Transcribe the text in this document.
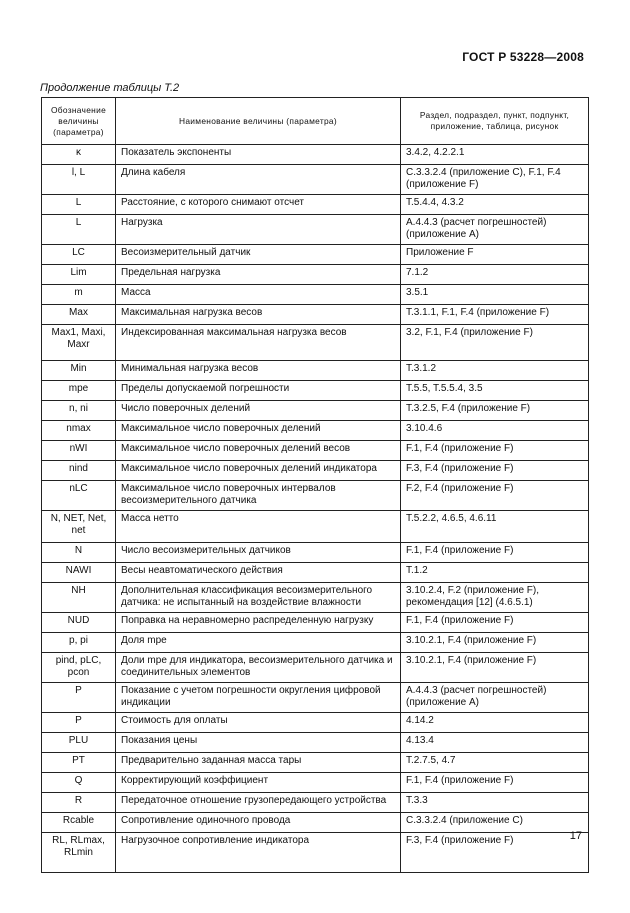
ГОСТ Р 53228—2008
Продолжение таблицы Т.2
Обозначение величины (параметра)	Наименование величины (параметра)	Раздел, подраздел, пункт, подпункт, приложение, таблица, рисунок
κ	Показатель экспоненты	3.4.2, 4.2.2.1
l, L	Длина кабеля	C.3.3.2.4 (приложение C), F.1, F.4 (приложение F)
L	Расстояние, с которого снимают отсчет	T.5.4.4, 4.3.2
L	Нагрузка	A.4.4.3 (расчет погрешностей) (приложение A)
LC	Весоизмерительный датчик	Приложение F
Lim	Предельная нагрузка	7.1.2
m	Масса	3.5.1
Max	Максимальная нагрузка весов	T.3.1.1, F.1, F.4 (приложение F)
Max1, Maxi, Maxr	Индексированная максимальная нагрузка весов	3.2, F.1, F.4 (приложение F)
Min	Минимальная нагрузка весов	T.3.1.2
mpe	Пределы допускаемой погрешности	T.5.5, T.5.5.4, 3.5
n, ni	Число поверочных делений	T.3.2.5, F.4 (приложение F)
nmax	Максимальное число поверочных делений	3.10.4.6
nWI	Максимальное число поверочных делений весов	F.1, F.4 (приложение F)
nind	Максимальное число поверочных делений индикатора	F.3, F.4 (приложение F)
nLC	Максимальное число поверочных интервалов весоизмерительного датчика	F.2, F.4 (приложение F)
N, NET, Net, net	Масса нетто	T.5.2.2, 4.6.5, 4.6.11
N	Число весоизмерительных датчиков	F.1, F.4 (приложение F)
NAWI	Весы неавтоматического действия	T.1.2
NH	Дополнительная классификация весоизмерительного датчика: не испытанный на воздействие влажности	3.10.2.4, F.2 (приложение F), рекомендация [12] (4.6.5.1)
NUD	Поправка на неравномерно распределенную нагрузку	F.1, F.4 (приложение F)
p, pi	Доля mpe	3.10.2.1, F.4 (приложение F)
pind, pLC, pcon	Доли mpe для индикатора, весоизмерительного датчика и соединительных элементов	3.10.2.1, F.4 (приложение F)
P	Показание с учетом погрешности округления цифровой индикации	A.4.4.3 (расчет погрешностей) (приложение A)
P	Стоимость для оплаты	4.14.2
PLU	Показания цены	4.13.4
PT	Предварительно заданная масса тары	T.2.7.5, 4.7
Q	Корректирующий коэффициент	F.1, F.4 (приложение F)
R	Передаточное отношение грузопередающего устройства	T.3.3
Rcable	Сопротивление одиночного провода	C.3.3.2.4 (приложение C)
RL, RLmax, RLmin	Нагрузочное сопротивление индикатора	F.3, F.4 (приложение F)	17
